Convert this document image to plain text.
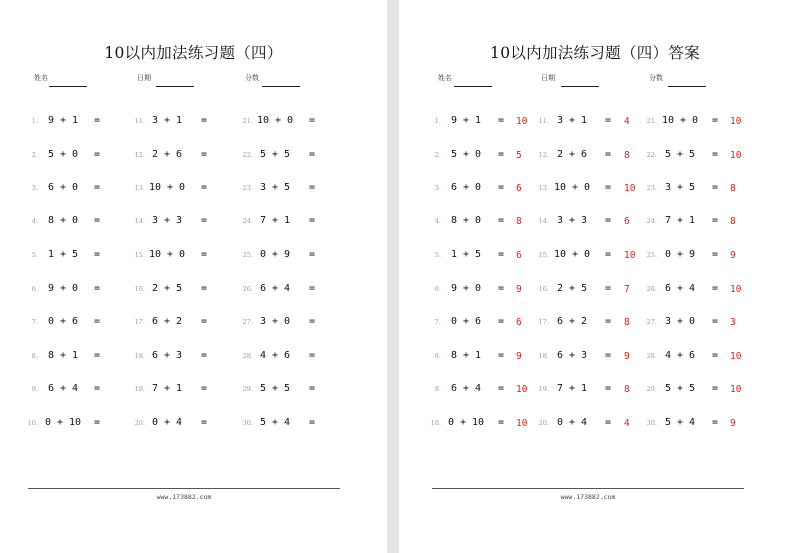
10以内加法练习题（四）
姓名	日期	分数
1. 9 + 1	=
2. 5 + 0	=
3. 6 + 0	=
4. 8 + 0	=
5. 1 + 5	=
6. 9 + 0	=
7. 0 + 6	=
8. 8 + 1	=
9. 6 + 4	=
10. 0 + 10 =
11. 3 + 1	=
12. 2 + 6	=
13. 10 + 0 =
14. 3 + 3	=
15. 10 + 0 =
16. 2 + 5	=
17. 6 + 2	=
18. 6 + 3	=
19. 7 + 1	=
20. 0 + 4	=
21. 10 + 0 =
22. 5 + 5	=
23. 3 + 5	=
24. 7 + 1	=
25. 0 + 9	=
26. 6 + 4	=
27. 3 + 0	=
28. 4 + 6	=
29. 5 + 5	=
30. 5 + 4	=
www.173882.com
10以内加法练习题（四）答案
姓名	日期	分数
1. 9 + 1	= 10
2. 5 + 0	= 5
3. 6 + 0	= 6
4. 8 + 0	= 8
5. 1 + 5	= 6
6. 9 + 0	= 9
7. 0 + 6	= 6
8. 8 + 1	= 9
9. 6 + 4	= 10
10. 0 + 10 = 10
11. 3 + 1	= 4
12. 2 + 6	= 8
13. 10 + 0 = 10
14. 3 + 3	= 6
15. 10 + 0 = 10
16. 2 + 5	= 7
17. 6 + 2	= 8
18. 6 + 3	= 9
19. 7 + 1	= 8
20. 0 + 4	= 4
21. 10 + 0 = 10
22. 5 + 5	= 10
23. 3 + 5	= 8
24. 7 + 1	= 8
25. 0 + 9	= 9
26. 6 + 4	= 10
27. 3 + 0	= 3
28. 4 + 6	= 10
29. 5 + 5	= 10
30. 5 + 4	= 9
www.173882.com
